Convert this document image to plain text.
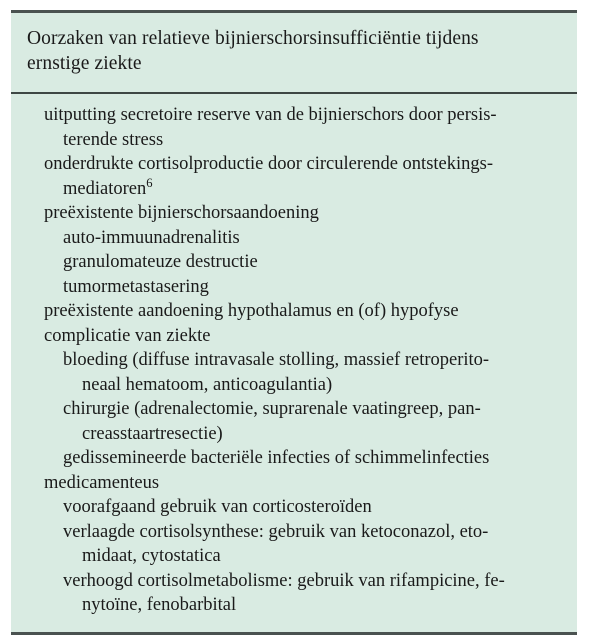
Oorzaken van relatieve bijnierschorsinsufficiëntie tijdens
ernstige ziekte
uitputting secretoire reserve van de bijnierschors door persis-
terende stress
onderdrukte cortisolproductie door circulerende ontstekings-
mediatoren$^6$
preëxistente bijnierschorsaandoening
auto-immuunadrenalitis
granulomateuze destructie
tumormetastasering
preëxistente aandoening hypothalamus en (of) hypofyse
complicatie van ziekte
bloeding (diffuse intravasale stolling, massief retroperito-
neaal hematoom, anticoagulantia)
chirurgie (adrenalectomie, suprarenale vaatingreep, pan-
creasstaartresectie)
gedissemineerde bacteriële infecties of schimmelinfecties
medicamenteus
voorafgaand gebruik van corticosteroïden
verlaagde cortisolsynthese: gebruik van ketoconazol, eto-
midaat, cytostatica
verhoogd cortisolmetabolisme: gebruik van rifampicine, fe-
nytoïne, fenobarbital
